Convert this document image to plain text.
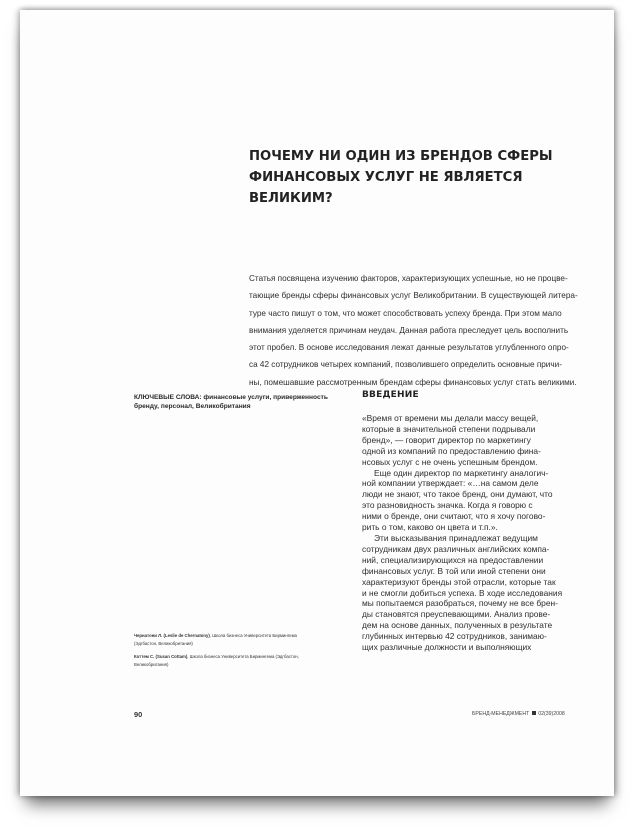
ПОЧЕМУ НИ ОДИН ИЗ БРЕНДОВ СФЕРЫ
ФИНАНСОВЫХ УСЛУГ НЕ ЯВЛЯЕТСЯ ВЕЛИКИМ?
Статья посвящена изучению факторов, характеризующих успешные, но не процве-
тающие бренды сферы финансовых услуг Великобритании. В существующей литера-
туре часто пишут о том, что может способствовать успеху бренда. При этом мало
внимания уделяется причинам неудач. Данная работа преследует цель восполнить
этот пробел. В основе исследования лежат данные результатов углубленного опро-
са 42 сотрудников четырех компаний, позволившего определить основные причи-
ны, помешавшие рассмотренным брендам сферы финансовых услуг стать великими.
КЛЮЧЕВЫЕ СЛОВА: финансовые услуги, приверженность
бренду, персонал, Великобритания
ВВЕДЕНИЕ
«Время от времени мы делали массу вещей,
которые в значительной степени подрывали
бренд», — говорит директор по маркетингу
одной из компаний по предоставлению фина-
нсовых услуг с не очень успешным брендом.
Еще один директор по маркетингу аналогич-
ной компании утверждает: «…на самом деле
люди не знают, что такое бренд, они думают, что
это разновидность значка. Когда я говорю с
ними о бренде, они считают, что я хочу погово-
рить о том, каково он цвета и т.п.».
Эти высказывания принадлежат ведущим
сотрудникам двух различных английских компа-
ний, специализирующихся на предоставлении
финансовых услуг. В той или иной степени они
характеризуют бренды этой отрасли, которые так
и не смогли добиться успеха. В ходе исследования
мы попытаемся разобраться, почему не все брен-
ды становятся преуспевающими. Анализ прове-
дем на основе данных, полученных в результате
глубинных интервью 42 сотрудников, занимаю-
щих различные должности и выполняющих
Чернатони Л. (Leslie de Chernatony), Школа бизнеса Университета Бирмингема
(Эдгбастон, Великобритания)
Коттем С. (Susan Cottam), Школа бизнеса Университета Бирмингема (Эдгбастон,
Великобритания)
90	БРЕНД-МЕНЕДЖМЕНТ 02(39)2008
